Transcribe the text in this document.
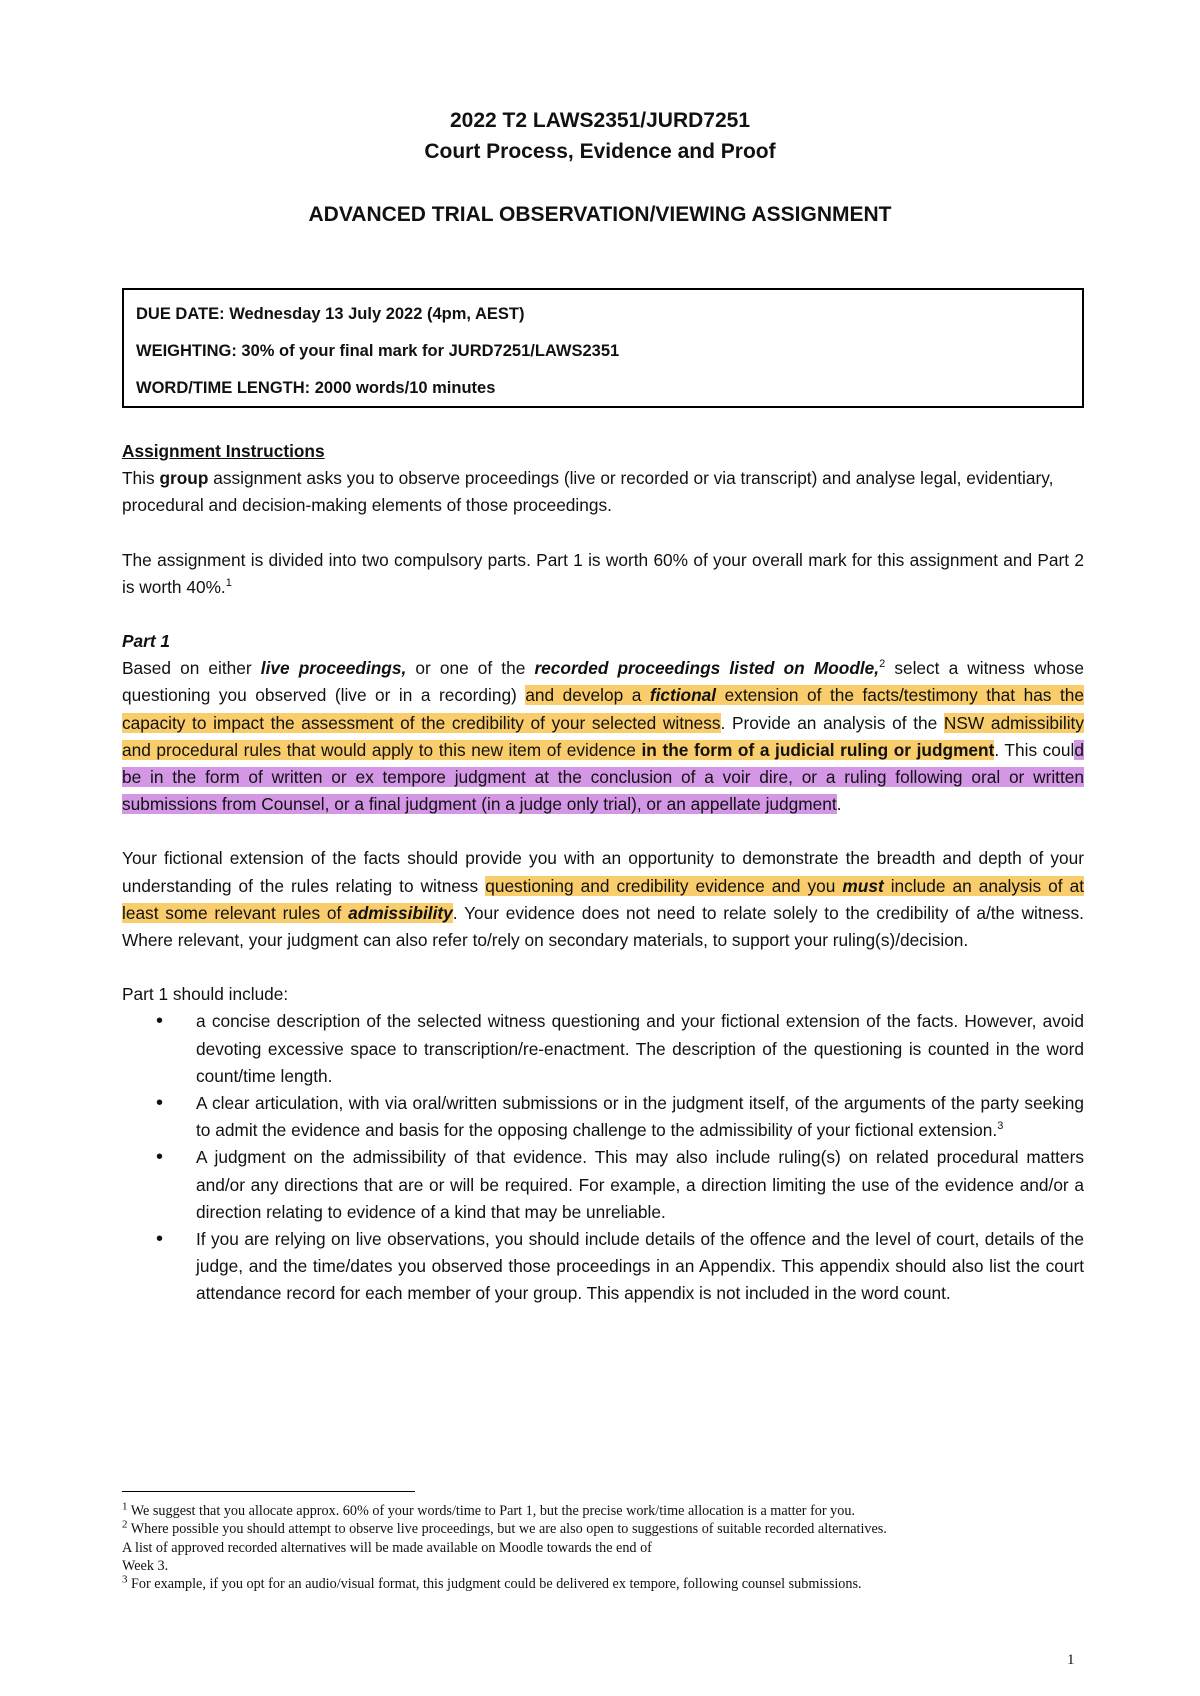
2022 T2 LAWS2351/JURD7251
Court Process, Evidence and Proof
ADVANCED TRIAL OBSERVATION/VIEWING ASSIGNMENT
DUE DATE: Wednesday 13 July 2022 (4pm, AEST)
WEIGHTING: 30% of your final mark for JURD7251/LAWS2351
WORD/TIME LENGTH: 2000 words/10 minutes

Assignment Instructions
This group assignment asks you to observe proceedings (live or recorded or via transcript) and analyse legal, evidentiary, procedural and decision-making elements of those proceedings.

The assignment is divided into two compulsory parts. Part 1 is worth 60% of your overall mark for this assignment and Part 2 is worth 40%.$^1$

Part 1
Based on either live proceedings, or one of the recorded proceedings listed on Moodle,$^2$ select a witness whose questioning you observed (live or in a recording) and develop a fictional extension of the facts/testimony that has the capacity to impact the assessment of the credibility of your selected witness. Provide an analysis of the NSW admissibility and procedural rules that would apply to this new item of evidence in the form of a judicial ruling or judgment. This could be in the form of written or ex tempore judgment at the conclusion of a voir dire, or a ruling following oral or written submissions from Counsel, or a final judgment (in a judge only trial), or an appellate judgment.

Your fictional extension of the facts should provide you with an opportunity to demonstrate the breadth and depth of your understanding of the rules relating to witness questioning and credibility evidence and you must include an analysis of at least some relevant rules of admissibility. Your evidence does not need to relate solely to the credibility of a/the witness. Where relevant, your judgment can also refer to/rely on secondary materials, to support your ruling(s)/decision.

Part 1 should include:
• a concise description of the selected witness questioning and your fictional extension of the facts. However, avoid devoting excessive space to transcription/re-enactment. The description of the questioning is counted in the word count/time length.
• A clear articulation, with via oral/written submissions or in the judgment itself, of the arguments of the party seeking to admit the evidence and basis for the opposing challenge to the admissibility of your fictional extension.$^3$
• A judgment on the admissibility of that evidence. This may also include ruling(s) on related procedural matters and/or any directions that are or will be required. For example, a direction limiting the use of the evidence and/or a direction relating to evidence of a kind that may be unreliable.
• If you are relying on live observations, you should include details of the offence and the level of court, details of the judge, and the time/dates you observed those proceedings in an Appendix. This appendix should also list the court attendance record for each member of your group. This appendix is not included in the word count.
$^1$ We suggest that you allocate approx. 60% of your words/time to Part 1, but the precise work/time allocation is a matter for you.
$^2$ Where possible you should attempt to observe live proceedings, but we are also open to suggestions of suitable recorded alternatives.
A list of approved recorded alternatives will be made available on Moodle towards the end of
Week 3.
$^3$ For example, if you opt for an audio/visual format, this judgment could be delivered ex tempore, following counsel submissions.
1
